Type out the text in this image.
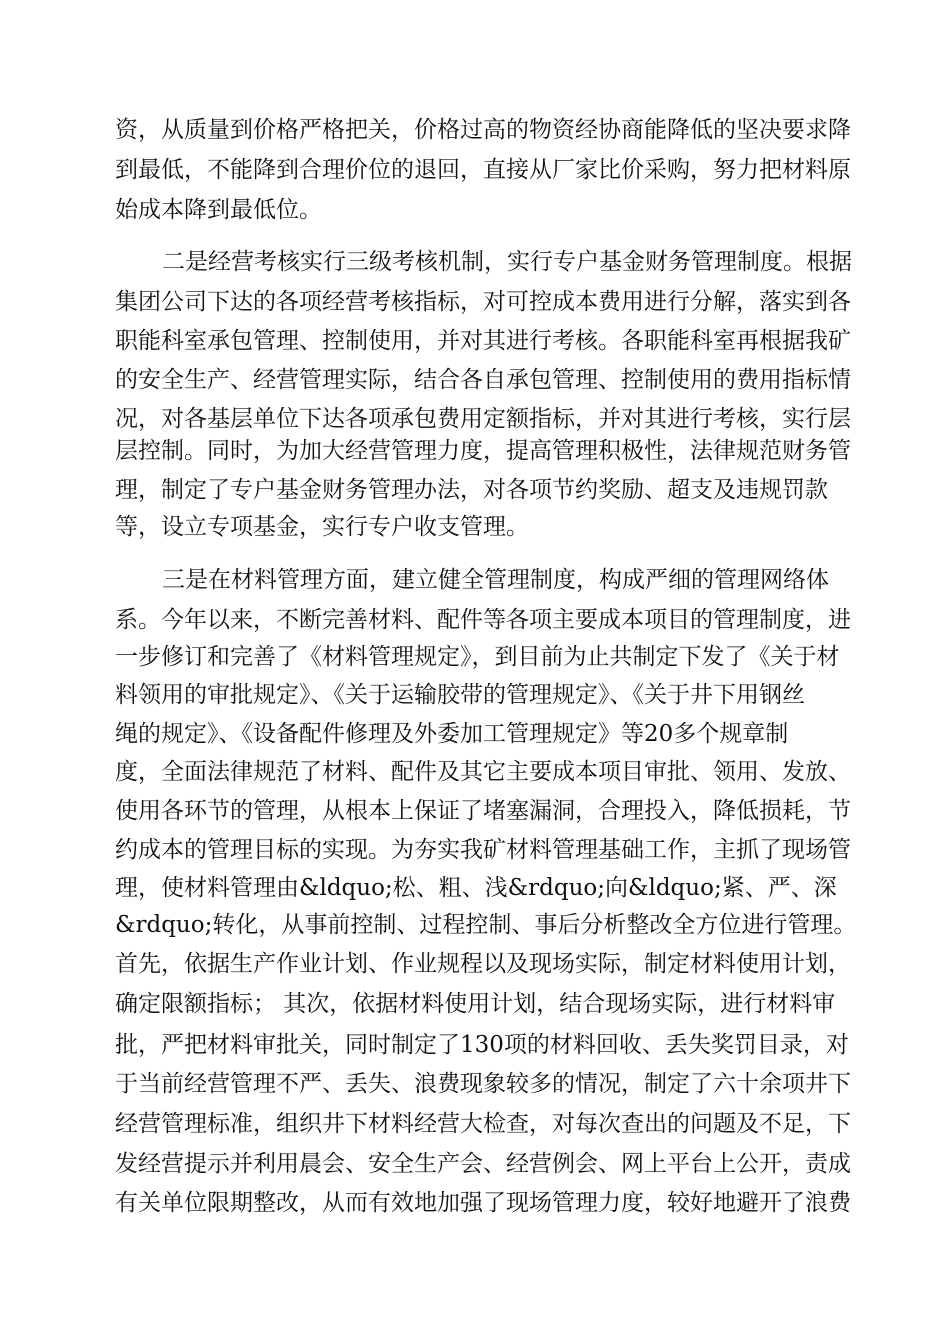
资，从质量到价格严格把关，价格过高的物资经协商能降低的坚决要求降
到最低，不能降到合理价位的退回，直接从厂家比价采购，努力把材料原
始成本降到最低位。
二是经营考核实行三级考核机制，实行专户基金财务管理制度。根据
集团公司下达的各项经营考核指标，对可控成本费用进行分解，落实到各
职能科室承包管理、控制使用，并对其进行考核。各职能科室再根据我矿
的安全生产、经营管理实际，结合各自承包管理、控制使用的费用指标情
况，对各基层单位下达各项承包费用定额指标，并对其进行考核，实行层
层控制。同时，为加大经营管理力度，提高管理积极性，法律规范财务管
理，制定了专户基金财务管理办法，对各项节约奖励、超支及违规罚款
等，设立专项基金，实行专户收支管理。
三是在材料管理方面，建立健全管理制度，构成严细的管理网络体
系。今年以来，不断完善材料、配件等各项主要成本项目的管理制度，进
一步修订和完善了《材料管理规定》，到目前为止共制定下发了《关于材
料领用的审批规定》、《关于运输胶带的管理规定》、《关于井下用钢丝
绳的规定》、《设备配件修理及外委加工管理规定》等20多个规章制
度，全面法律规范了材料、配件及其它主要成本项目审批、领用、发放、
使用各环节的管理，从根本上保证了堵塞漏洞，合理投入，降低损耗，节
约成本的管理目标的实现。为夯实我矿材料管理基础工作，主抓了现场管
理，使材料管理由&ldquo;松、粗、浅&rdquo;向&ldquo;紧、严、深
&rdquo;转化，从事前控制、过程控制、事后分析整改全方位进行管理。
首先，依据生产作业计划、作业规程以及现场实际，制定材料使用计划，
确定限额指标； 其次，依据材料使用计划，结合现场实际，进行材料审
批，严把材料审批关，同时制定了130项的材料回收、丢失奖罚目录，对
于当前经营管理不严、丢失、浪费现象较多的情况，制定了六十余项井下
经营管理标准，组织井下材料经营大检查，对每次查出的问题及不足，下
发经营提示并利用晨会、安全生产会、经营例会、网上平台上公开，责成
有关单位限期整改，从而有效地加强了现场管理力度，较好地避开了浪费
